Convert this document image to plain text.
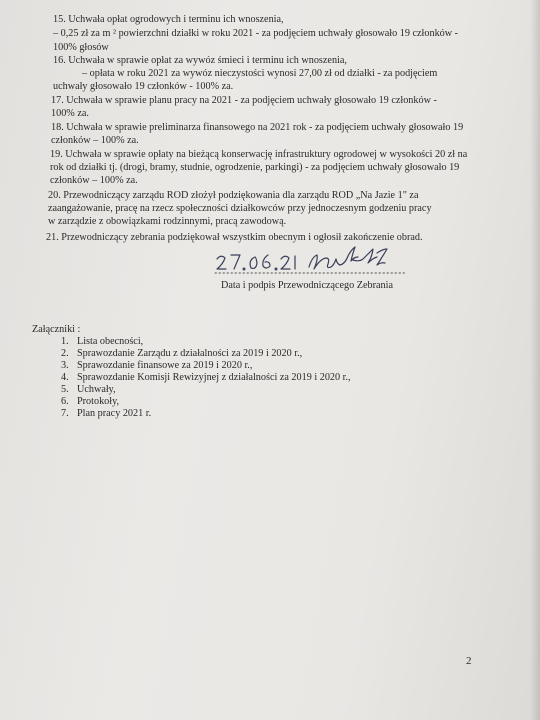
15. Uchwała opłat ogrodowych i terminu ich wnoszenia,
– 0,25 zł za m ² powierzchni działki w roku 2021 - za podjęciem uchwały głosowało 19 członków -
100% głosów
16. Uchwała w sprawie opłat za wywóz śmieci i terminu ich wnoszenia,
– opłata w roku 2021 za wywóz nieczystości wynosi 27,00 zł od działki - za podjęciem
uchwały głosowało 19 członków - 100% za.
17. Uchwała w sprawie planu pracy na 2021 - za podjęciem uchwały głosowało 19 członków -
100% za.
18. Uchwała w sprawie preliminarza finansowego na 2021 rok - za podjęciem uchwały głosowało 19
członków – 100% za.
19. Uchwała w sprawie opłaty na bieżącą konserwację infrastruktury ogrodowej w wysokości 20 zł na
rok od działki tj. (drogi, bramy, studnie, ogrodzenie, parkingi) - za podjęciem uchwały głosowało 19
członków – 100% za.
20. Przewodniczący zarządu ROD złożył podziękowania dla zarządu ROD „Na Jazie 1" za
zaangażowanie, pracę na rzecz społeczności działkowców przy jednoczesnym godzeniu pracy
w zarządzie z obowiązkami rodzinnymi, pracą zawodową.
21. Przewodniczący zebrania podziękował wszystkim obecnym i ogłosił zakończenie obrad.
Data i podpis Przewodniczącego Zebrania
Załączniki :
1. Lista obecności,
2. Sprawozdanie Zarządu z działalności za 2019 i 2020 r.,
3. Sprawozdanie finansowe za 2019 i 2020 r.,
4. Sprawozdanie Komisji Rewizyjnej z działalności za 2019 i 2020 r.,
5. Uchwały,
6. Protokoły,
7. Plan pracy 2021 r.
2
